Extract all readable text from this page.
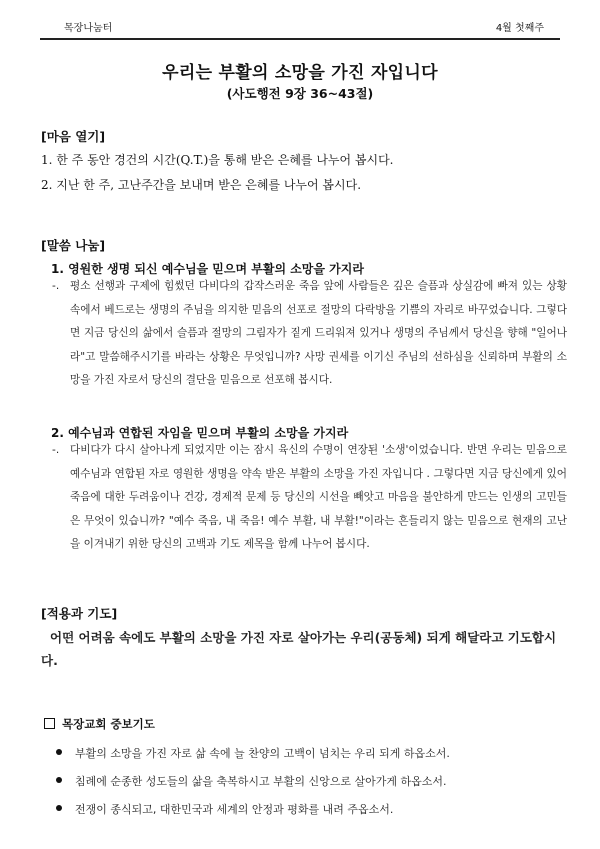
목장나눔터	4월 첫째주
우리는 부활의 소망을 가진 자입니다
(사도행전 9장 36~43절)
[마음 열기]
1. 한 주 동안 경건의 시간(Q.T.)을 통해 받은 은혜를 나누어 봅시다.
2. 지난 한 주, 고난주간을 보내며 받은 은혜를 나누어 봅시다.
[말씀 나눔]
1. 영원한 생명 되신 예수님을 믿으며 부활의 소망을 가지라
-.	평소 선행과 구제에 힘썼던 다비다의 갑작스러운 죽음 앞에 사람들은 깊은 슬픔과 상실감에 빠져 있는 상황속에서 베드로는 생명의 주님을 의지한 믿음의 선포로 절망의 다락방을 기쁨의 자리로 바꾸었습니다. 그렇다면 지금 당신의 삶에서 슬픔과 절망의 그림자가 짙게 드리워져 있거나 생명의 주님께서 당신을 향해 "일어나라"고 말씀해주시기를 바라는 상황은 무엇입니까? 사망 권세를 이기신 주님의 선하심을 신뢰하며 부활의 소망을 가진 자로서 당신의 결단을 믿음으로 선포해 봅시다.
2. 예수님과 연합된 자임을 믿으며 부활의 소망을 가지라
-.	다비다가 다시 살아나게 되었지만 이는 잠시 육신의 수명이 연장된 '소생'이었습니다. 반면 우리는 믿음으로 예수님과 연합된 자로 영원한 생명을 약속 받은 부활의 소망을 가진 자입니다 . 그렇다면 지금 당신에게 있어 죽음에 대한 두려움이나 건강, 경제적 문제 등 당신의 시선을 빼앗고 마음을 불안하게 만드는 인생의 고민들은 무엇이 있습니까? "예수 죽음, 내 죽음! 예수 부활, 내 부활!"이라는 흔들리지 않는 믿음으로 현재의 고난을 이겨내기 위한 당신의 고백과 기도 제목을 함께 나누어 봅시다.
[적용과 기도]
어떤 어려움 속에도 부활의 소망을 가진 자로 살아가는 우리(공동체) 되게 해달라고 기도합시다.
목장교회 중보기도
부활의 소망을 가진 자로 삶 속에 늘 찬양의 고백이 넘치는 우리 되게 하옵소서.
침례에 순종한 성도들의 삶을 축복하시고 부활의 신앙으로 살아가게 하옵소서.
전쟁이 종식되고, 대한민국과 세계의 안정과 평화를 내려 주옵소서.
